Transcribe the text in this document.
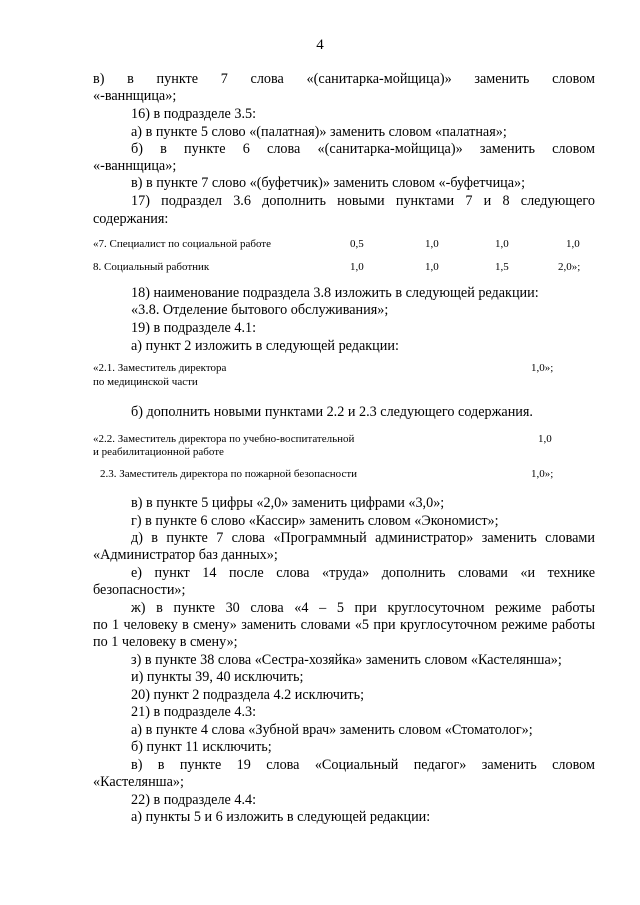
4
в) в пункте 7 слова «(санитарка-мойщица)» заменить словом
«-ваннщица»;
16) в подразделе 3.5:
а) в пункте 5 слово «(палатная)» заменить словом «палатная»;
б) в пункте 6 слова «(санитарка-мойщица)» заменить словом
«-ваннщица»;
в) в пункте 7 слово «(буфетчик)» заменить словом «-буфетчица»;
17) подраздел 3.6 дополнить новыми пунктами 7 и 8 следующего
содержания:
«7. Специалист по социальной работе	0,5	1,0	1,0	1,0
8. Социальный работник	1,0	1,0	1,5	2,0»;
18) наименование подраздела 3.8 изложить в следующей редакции:
«3.8. Отделение бытового обслуживания»;
19) в подразделе 4.1:
а) пункт 2 изложить в следующей редакции:
«2.1. Заместитель директора	1,0»;
по медицинской части
б) дополнить новыми пунктами 2.2 и 2.3 следующего содержания.
«2.2. Заместитель директора по учебно-воспитательной	1,0
и реабилитационной работе
2.3. Заместитель директора по пожарной безопасности	1,0»;
в) в пункте 5 цифры «2,0» заменить цифрами «3,0»;
г) в пункте 6 слово «Кассир» заменить словом «Экономист»;
д) в пункте 7 слова «Программный администратор» заменить словами
«Администратор баз данных»;
е) пункт 14 после слова «труда» дополнить словами «и технике
безопасности»;
ж) в пункте 30 слова «4 – 5 при круглосуточном режиме работы
по 1 человеку в смену» заменить словами «5 при круглосуточном режиме работы
по 1 человеку в смену»;
з) в пункте 38 слова «Сестра-хозяйка» заменить словом «Кастелянша»;
и) пункты 39, 40 исключить;
20) пункт 2 подраздела 4.2 исключить;
21) в подразделе 4.3:
а) в пункте 4 слова «Зубной врач» заменить словом «Стоматолог»;
б) пункт 11 исключить;
в) в пункте 19 слова «Социальный педагог» заменить словом
«Кастелянша»;
22) в подразделе 4.4:
а) пункты 5 и 6 изложить в следующей редакции:
